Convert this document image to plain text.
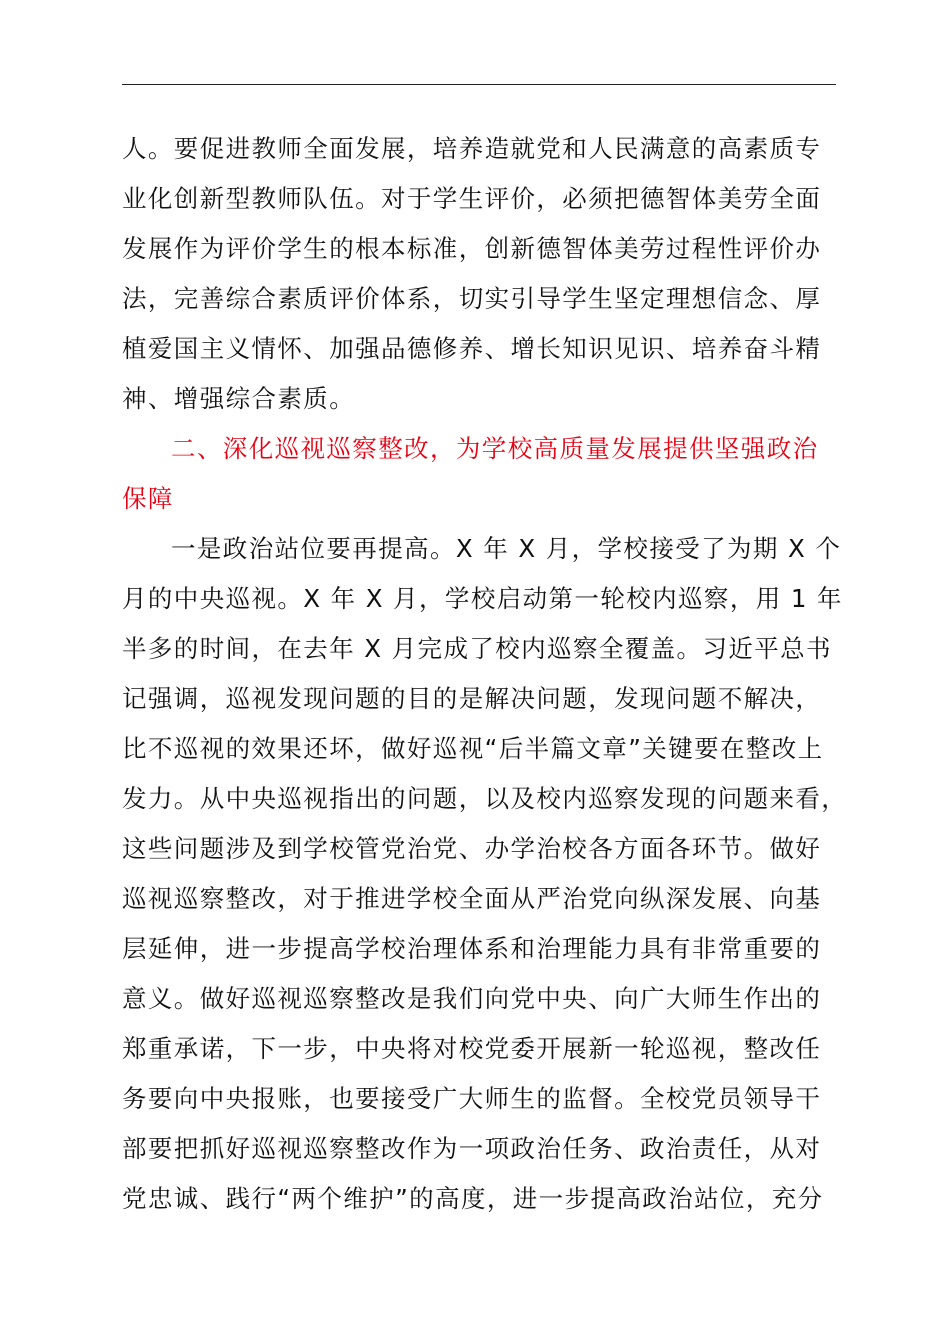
人。要促进教师全面发展，培养造就党和人民满意的高素质专
业化创新型教师队伍。对于学生评价，必须把德智体美劳全面
发展作为评价学生的根本标准，创新德智体美劳过程性评价办
法，完善综合素质评价体系，切实引导学生坚定理想信念、厚
植爱国主义情怀、加强品德修养、增长知识见识、培养奋斗精
神、增强综合素质。
二、深化巡视巡察整改，为学校高质量发展提供坚强政治
保障
一是政治站位要再提高。X 年 X 月，学校接受了为期 X 个
月的中央巡视。X 年 X 月，学校启动第一轮校内巡察，用 1 年
半多的时间，在去年 X 月完成了校内巡察全覆盖。习近平总书
记强调，巡视发现问题的目的是解决问题，发现问题不解决，
比不巡视的效果还坏，做好巡视“后半篇文章”关键要在整改上
发力。从中央巡视指出的问题，以及校内巡察发现的问题来看，
这些问题涉及到学校管党治党、办学治校各方面各环节。做好
巡视巡察整改，对于推进学校全面从严治党向纵深发展、向基
层延伸，进一步提高学校治理体系和治理能力具有非常重要的
意义。做好巡视巡察整改是我们向党中央、向广大师生作出的
郑重承诺，下一步，中央将对校党委开展新一轮巡视，整改任
务要向中央报账，也要接受广大师生的监督。全校党员领导干
部要把抓好巡视巡察整改作为一项政治任务、政治责任，从对
党忠诚、践行“两个维护”的高度，进一步提高政治站位，充分
